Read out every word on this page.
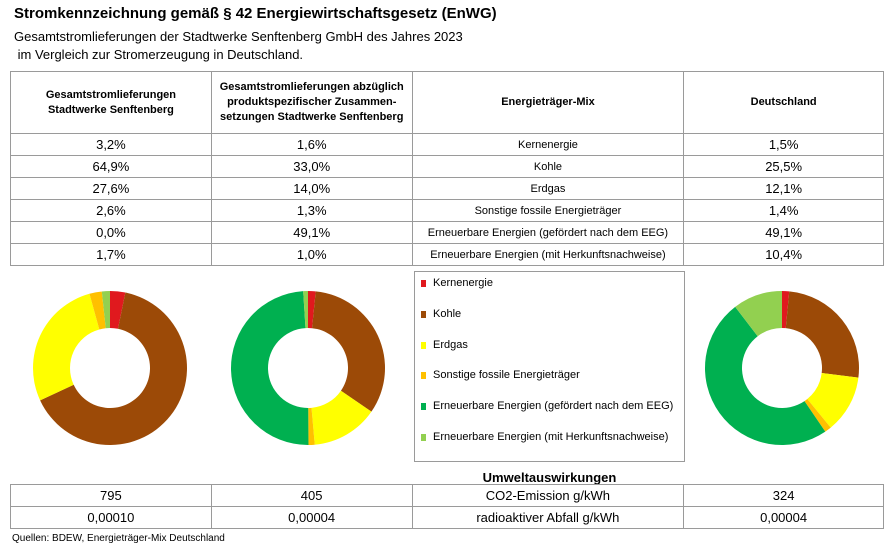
Stromkennzeichnung gemäß § 42 Energiewirtschaftsgesetz (EnWG)
Gesamtstromlieferungen der Stadtwerke Senftenberg GmbH des Jahres 2023
im Vergleich zur Stromerzeugung in Deutschland.
Gesamtstromlieferungen
Stadtwerke Senftenberg	Gesamtstromlieferungen abzüglich
produktspezifischer Zusammen-
setzungen Stadtwerke Senftenberg	Energieträger-Mix	Deutschland
3,2%	1,6%	Kernenergie	1,5%
64,9%	33,0%	Kohle	25,5%
27,6%	14,0%	Erdgas	12,1%
2,6%	1,3%	Sonstige fossile Energieträger	1,4%
0,0%	49,1%	Erneuerbare Energien (gefördert nach dem EEG)	49,1%
1,7%	1,0%	Erneuerbare Energien (mit Herkunftsnachweise)	10,4%
Kernenergie
Kohle
Erdgas
Sonstige fossile Energieträger
Erneuerbare Energien (gefördert nach dem EEG)
Erneuerbare Energien (mit Herkunftsnachweise)
Umweltauswirkungen
795	405	CO2-Emission g/kWh	324
0,00010	0,00004	radioaktiver Abfall g/kWh	0,00004
Quellen: BDEW, Energieträger-Mix Deutschland
